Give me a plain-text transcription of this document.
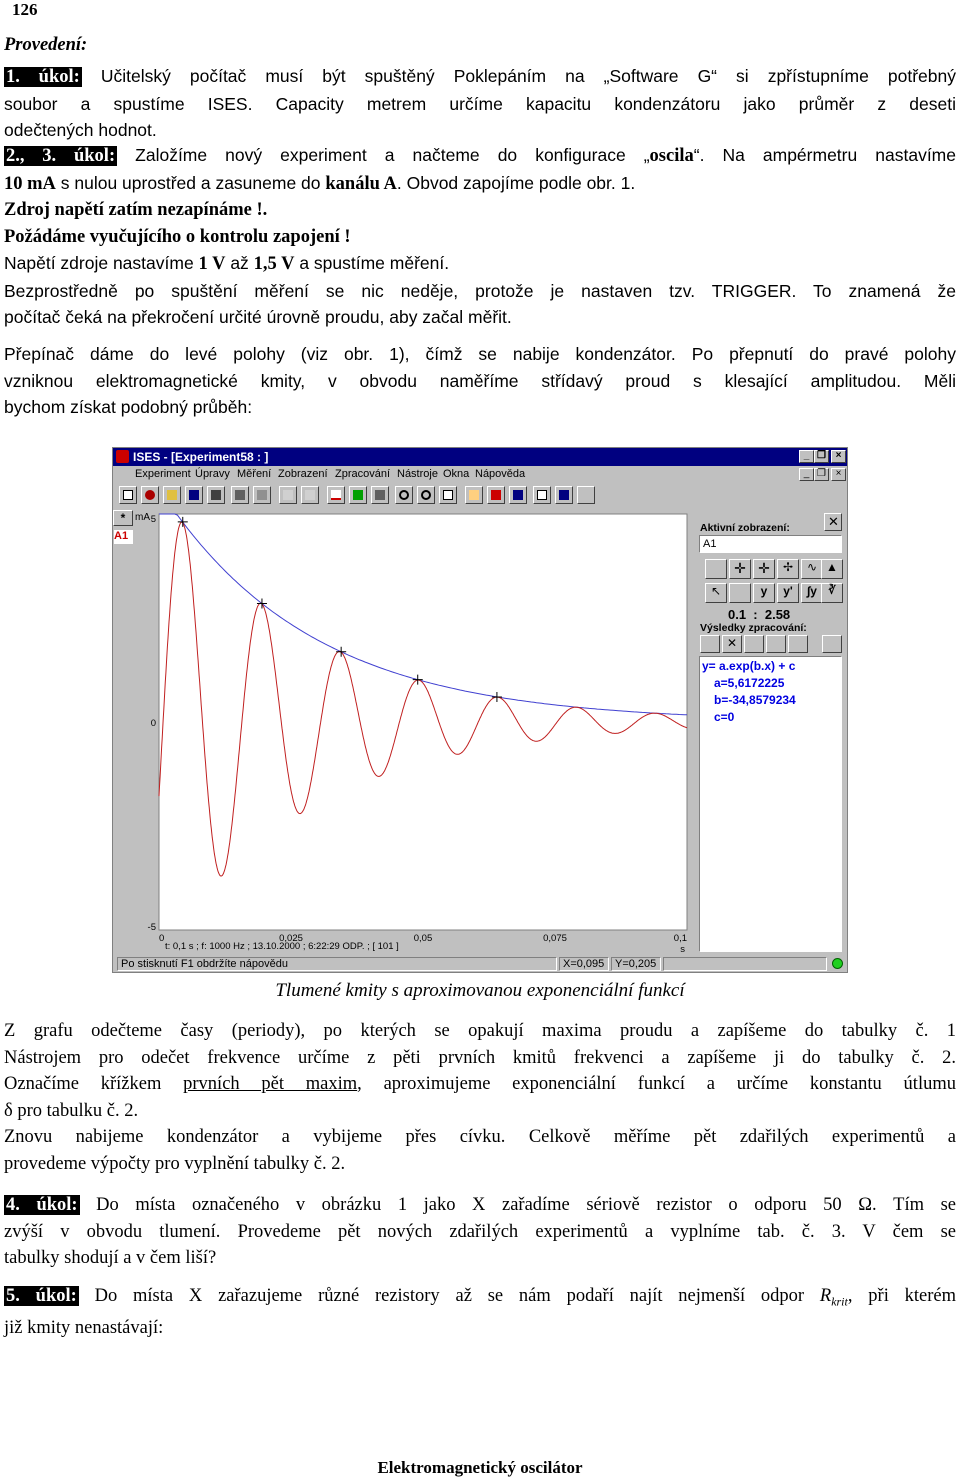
126
Provedení:
1. úkol: Učitelský počítač musí být spuštěný Poklepáním na „Software G“ si zpřístupníme potřebný
soubor a spustíme ISES. Capacity metrem určíme kapacitu kondenzátoru jako průměr z deseti
odečtených hodnot.
2., 3. úkol: Založíme nový experiment a načteme do konfigurace „oscila“. Na ampérmetru nastavíme
10 mA s nulou uprostřed a zasuneme do kanálu A. Obvod zapojíme podle obr. 1.
Zdroj napětí zatím nezapínáme !.
Požádáme vyučujícího o kontrolu zapojení !
Napětí zdroje nastavíme 1 V až 1,5 V a spustíme měření.
Bezprostředně po spuštění měření se nic neděje, protože je nastaven tzv. TRIGGER. To znamená že
počítač čeká na překročení určité úrovně proudu, aby začal měřit.
Přepínač dáme do levé polohy (viz obr. 1), čímž se nabije kondenzátor. Po přepnutí do pravé polohy
vzniknou elektromagnetické kmity, v obvodu naměříme střídavý proud s klesající amplitudou. Měli
bychom získat podobný průběh:
ISES - [Experiment58 : ]	_ ❐ ×
Experiment Úpravy Měření Zobrazení Zpracování Nástroje Okna Nápověda	_ ❐ ×
* mA
A1
5
0
-5
0	0,025	0,05	0,075	0,1
s
t: 0,1 s ; f: 1000 Hz ; 13.10.2000 ; 6:22:29 ODP. ; [ 101 ]
Aktivní zobrazení:	✕
A1
✛ ✛	✢	∿ ▲
↖	y	y'	∫y	∛
0.1  :  2.58
Výsledky zpracování:
✕
y= a.exp(b.x) + c
a=5,6172225
b=-34,8579234
c=0
Po stisknutí F1 obdržíte nápovědu	X=0,095 Y=0,205
Tlumené kmity s aproximovanou exponenciální funkcí
Z grafu odečteme časy (periody), po kterých se opakují maxima proudu a zapíšeme do tabulky č. 1
Nástrojem pro odečet frekvence určíme z pěti prvních kmitů frekvenci a zapíšeme ji do tabulky č. 2.
Označíme křížkem prvních pět maxim, aproximujeme exponenciální funkcí a určíme konstantu útlumu
δ pro tabulku č. 2.
Znovu nabijeme kondenzátor a vybijeme přes cívku. Celkově měříme pět zdařilých experimentů a
provedeme výpočty pro vyplnění tabulky č. 2.
4. úkol: Do místa označeného v obrázku 1 jako X zařadíme sériově rezistor o odporu 50 Ω. Tím se
zvýší v obvodu tlumení. Provedeme pět nových zdařilých experimentů a vyplníme tab. č. 3. V čem se
tabulky shodují a v čem liší?
5. úkol: Do místa X zařazujeme různé rezistory až se nám podaří najít nejmenší odpor $R_{krit}$, při kterém
již kmity nenastávají:
Elektromagnetický oscilátor
